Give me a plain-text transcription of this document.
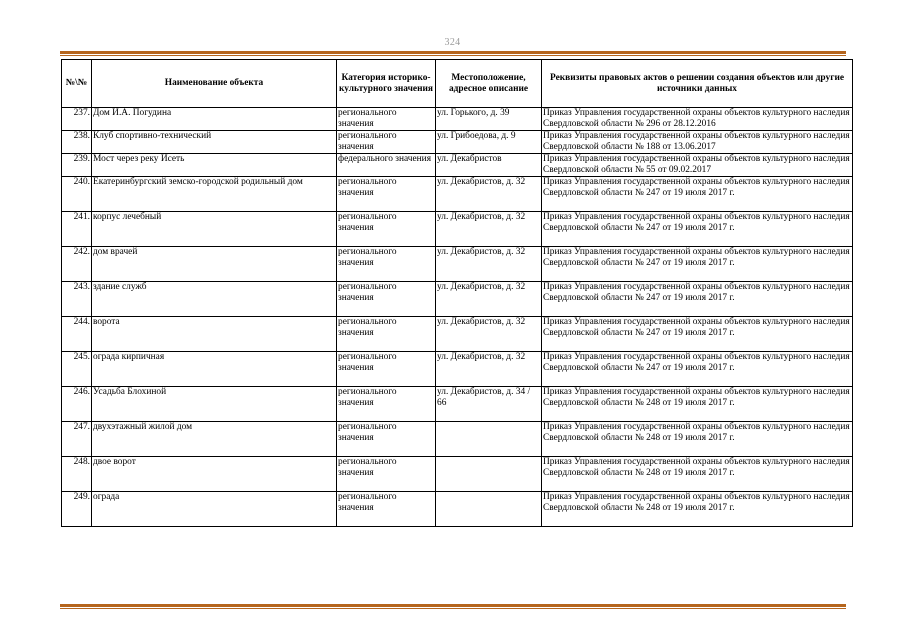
324
№\№	Наименование объекта	Категория историко-культурного значения	Местоположение, адресное описание	Реквизиты правовых актов о решении создания объектов или другие источники данных
237.	Дом И.А. Погудина	регионального значения	ул. Горького, д. 39	Приказ Управления государственной охраны объектов культурного наследия Свердловской области № 296 от 28.12.2016
238.	Клуб спортивно-технический	регионального значения	ул. Грибоедова, д. 9	Приказ Управления государственной охраны объектов культурного наследия Свердловской области № 188 от 13.06.2017
239.	Мост через реку Исеть	федерального значения	ул. Декабристов	Приказ Управления государственной охраны объектов культурного наследия Свердловской области № 55 от 09.02.2017
240.	Екатеринбургский земско-городской родильный дом	регионального значения	ул. Декабристов, д. 32	Приказ Управления государственной охраны объектов культурного наследия Свердловской области № 247 от 19 июля 2017 г.
241.	корпус лечебный	регионального значения	ул. Декабристов, д. 32	Приказ Управления государственной охраны объектов культурного наследия Свердловской области № 247 от 19 июля 2017 г.
242.	дом врачей	регионального значения	ул. Декабристов, д. 32	Приказ Управления государственной охраны объектов культурного наследия Свердловской области № 247 от 19 июля 2017 г.
243.	здание служб	регионального значения	ул. Декабристов, д. 32	Приказ Управления государственной охраны объектов культурного наследия Свердловской области № 247 от 19 июля 2017 г.
244.	ворота	регионального значения	ул. Декабристов, д. 32	Приказ Управления государственной охраны объектов культурного наследия Свердловской области № 247 от 19 июля 2017 г.
245.	ограда кирпичная	регионального значения	ул. Декабристов, д. 32	Приказ Управления государственной охраны объектов культурного наследия Свердловской области № 247 от 19 июля 2017 г.
246.	Усадьба Блохиной	регионального значения	ул. Декабристов, д. 34 / 66	Приказ Управления государственной охраны объектов культурного наследия Свердловской области № 248 от 19 июля 2017 г.
247.	двухэтажный жилой дом	регионального значения		Приказ Управления государственной охраны объектов культурного наследия Свердловской области № 248 от 19 июля 2017 г.
248.	двое ворот	регионального значения		Приказ Управления государственной охраны объектов культурного наследия Свердловской области № 248 от 19 июля 2017 г.
249.	ограда	регионального значения		Приказ Управления государственной охраны объектов культурного наследия Свердловской области № 248 от 19 июля 2017 г.
